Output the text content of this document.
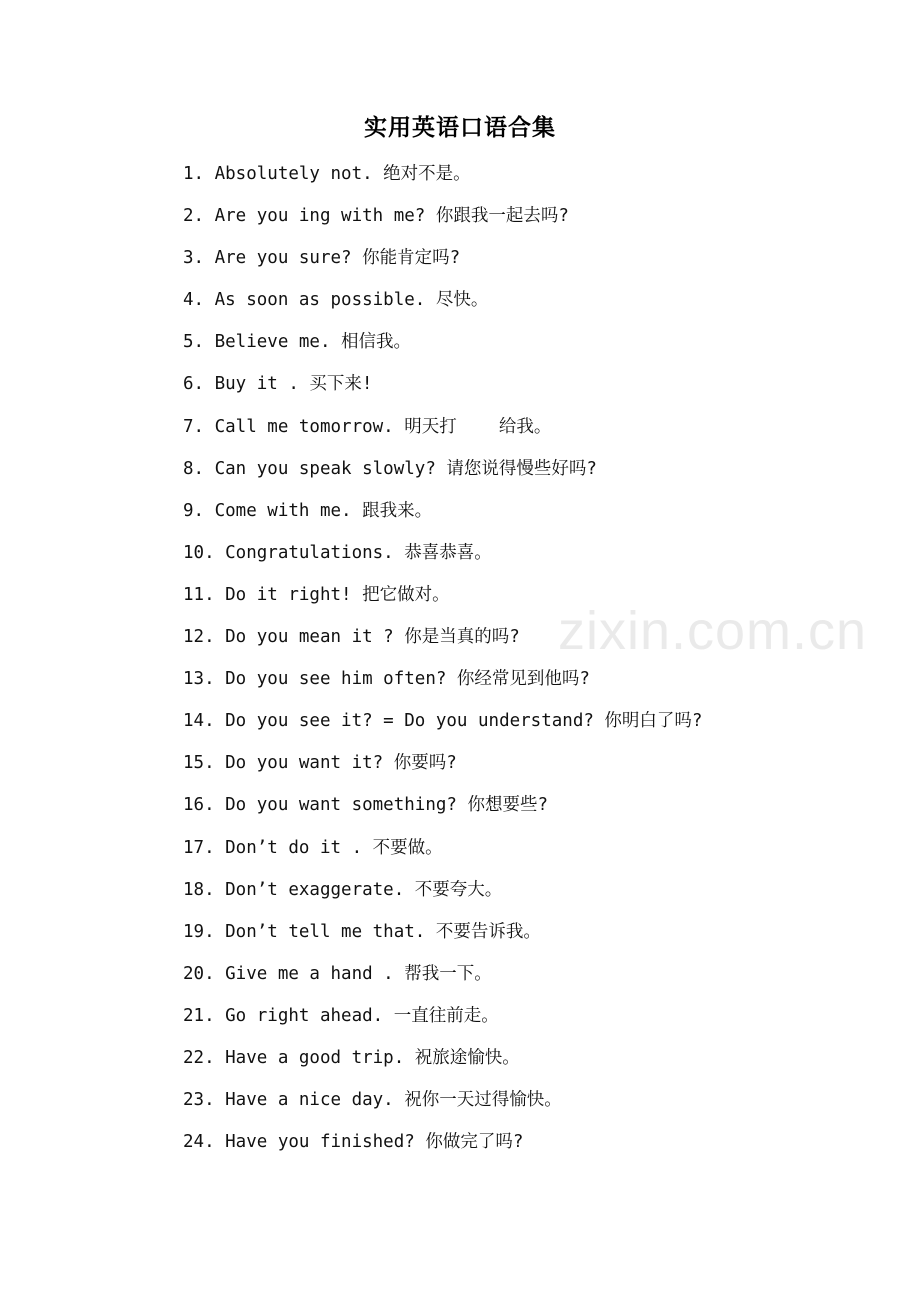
实用英语口语合集
1. Absolutely not. 绝对不是。
2. Are you ing with me? 你跟我一起去吗?
3. Are you sure? 你能肯定吗?
4. As soon as possible. 尽快。
5. Believe me. 相信我。
6. Buy it . 买下来!
7. Call me tomorrow. 明天打    给我。
8. Can you speak slowly? 请您说得慢些好吗?
9. Come with me. 跟我来。
10. Congratulations. 恭喜恭喜。
11. Do it right! 把它做对。
12. Do you mean it ? 你是当真的吗?
13. Do you see him often? 你经常见到他吗?
14. Do you see it? = Do you understand? 你明白了吗?
15. Do you want it? 你要吗?
16. Do you want something? 你想要些?
17. Don’t do it . 不要做。
18. Don’t exaggerate. 不要夸大。
19. Don’t tell me that. 不要告诉我。
20. Give me a hand . 帮我一下。
21. Go right ahead. 一直往前走。
22. Have a good trip. 祝旅途愉快。
23. Have a nice day. 祝你一天过得愉快。
24. Have you finished? 你做完了吗?
zixin.com.cn
